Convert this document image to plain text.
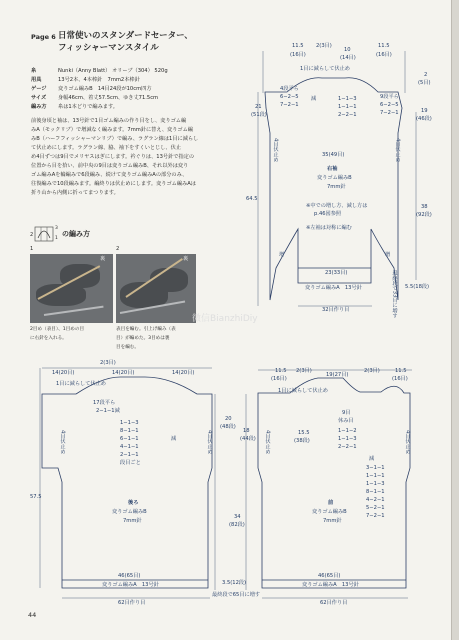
Page 6 日常使いのスタンダードセーター、
フィッシャーマンスタイル
糸	Nunki（Anny Blatt） オリーブ（304） 520g
用具	13号2本、4本棒針　7mm2本棒針
ゲージ 変りゴム編みB　14目24段が10cm四方
サイズ 身幅46cm、着丈57.5cm、ゆき丈71.5cm
編み方 糸は1本どりで編みます。
前後身頃と袖は、13号針で1目ゴム編みの作り目をし、変りゴム編
みA（モックリブ）で増減なく編みます。7mm針に替え、変りゴム編
みB（ハーフフィッシャーマンリブ）で編み、ラグラン線は1目に減らし
て伏止めにします。ラグラン線、脇、袖下をすくいとじし、伏止
め4目ずつは9目でメリヤスはぎにします。衿ぐりは、13号針で指定の
位置から目を拾い、前中央の9目は変りゴム編みB、それ以外は変り
ゴム編みAを輪編みで6段編み、続けて変りゴム編みAの部分のみ、
往復編みで10段編みます。編終りは伏止めにします。変りゴム編みAは
折り山から内側に折ってまつります。
2
3
1
の編み方
1
裏
2目め（表目）、1目めの目
に右針を入れる。
2
裏
表目を編む。引上げ編み（表
目）が編めた。3目めは裏
目を編む。
微信BianzhiDiy
44
11.5
(16目)
2(3目)
10
(14目)
11.5
(16目)
1目に減らして伏止め
2
(5目)
19
(46段)
38
(92段)
5.5(18段)
21
(51段)
64.5
4段平ら
6−2−5
7−2−1
減	1−1−3
1−1−1
2−2−1
9段平ら
6−2−5
7−2−1
4目伏止め	4目伏止め
35(49目)
右袖
変りゴム編みB
7mm針
※中での増し方、減し方は
p.46図参照
※左袖は対称に編む
増	増
23(33目)	最終段で33目に増す
変りゴム編みA　13号針
32目作り目
2(3目)
14(20目)	14(20目)	14(20目)
1目に減らして伏止め
17段平ら
2−1−1減
1−1−3
8−1−1
6−1−1
4−1−1
2−1−1
段目ごと
減
4目伏止め	4目伏止め
57.5
20
(48段)
18
(44段)
34
(82段)
3.5(12段)
後ろ
変りゴム編みB
7mm針
46(65目)
変りゴム編みA　13号針
62目作り目
11.5
(16目)
2(3目)
19(27目)
2(3目)	11.5
(16目)
1目に減らして伏止め
9目
休み目
1−1−2
1−1−3
2−2−1
減
3−1−1
1−1−1
1−1−3
8−1−1
4−2−1
5−2−1
7−2−1
15.5
(38段)
4目伏止め	4目伏止め
前
変りゴム編みB
7mm針
46(65目)
最終段で65目に増す
変りゴム編みA　13号針
62目作り目
